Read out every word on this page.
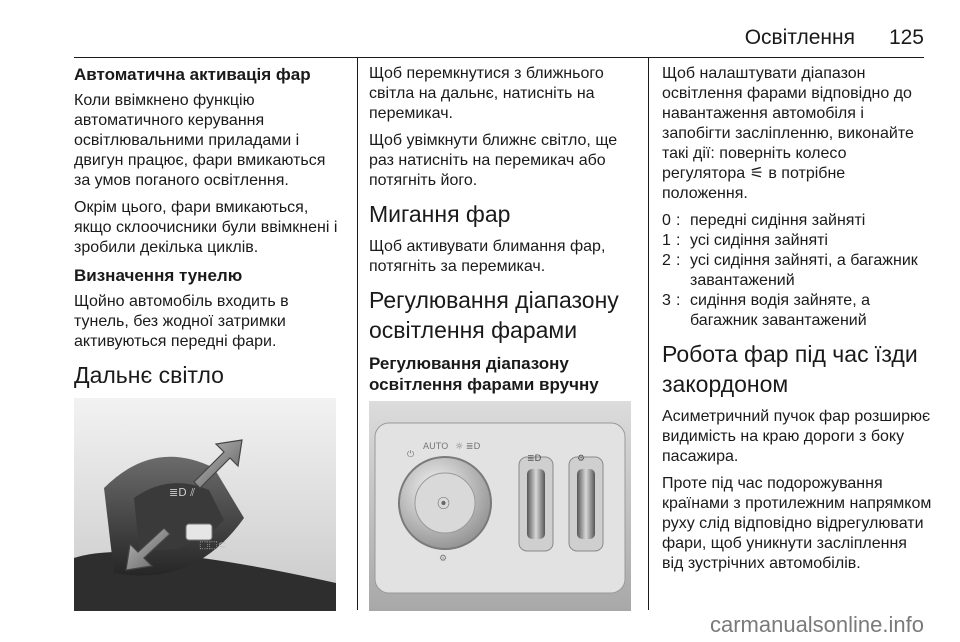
Освітлення 125
Автоматична активація фар

Коли ввімкнено функцію автоматичного керування освітлювальними приладами і двигун працює, фари вмикаються за умов поганого освітлення.

Окрім цього, фари вмикаються, якщо склоочисники були ввімкнені і зробили декілька циклів.

Визначення тунелю

Щойно автомобіль входить в тунель, без жодної затримки активуються передні фари.

Дальнє світло
≣D ⫽
⬚⬚⊂

Щоб перемкнутися з ближнього світла на дальнє, натисніть на перемикач.

Щоб увімкнути ближнє світло, ще раз натисніть на перемикач або потягніть його.

Мигання фар

Щоб активувати блимання фар, потягніть за перемикач.

Регулювання діапазону освітлення фарами
Регулювання діапазону освітлення фарами вручну
⦿
⏻
AUTO ☼ ≣D
⚙
≣D	⚙

Щоб налаштувати діапазон освітлення фарами відповідно до навантаження автомобіля і запобігти засліпленню, виконайте такі дії: поверніть колесо регулятора ⚟ в потрібне положення.

0 : передні сидіння зайняті
1 : усі сидіння зайняті
2 : усі сидіння зайняті, а багажник завантажений
3 : сидіння водія зайняте, а багажник завантажений
Робота фар під час їзди закордоном

Асиметричний пучок фар розширює видимість на краю дороги з боку пасажира.

Проте під час подорожування країнами з протилежним напрямком руху слід відповідно відрегулювати фари, щоб уникнути засліплення від зустрічних автомобілів.

carmanualsonline.info
